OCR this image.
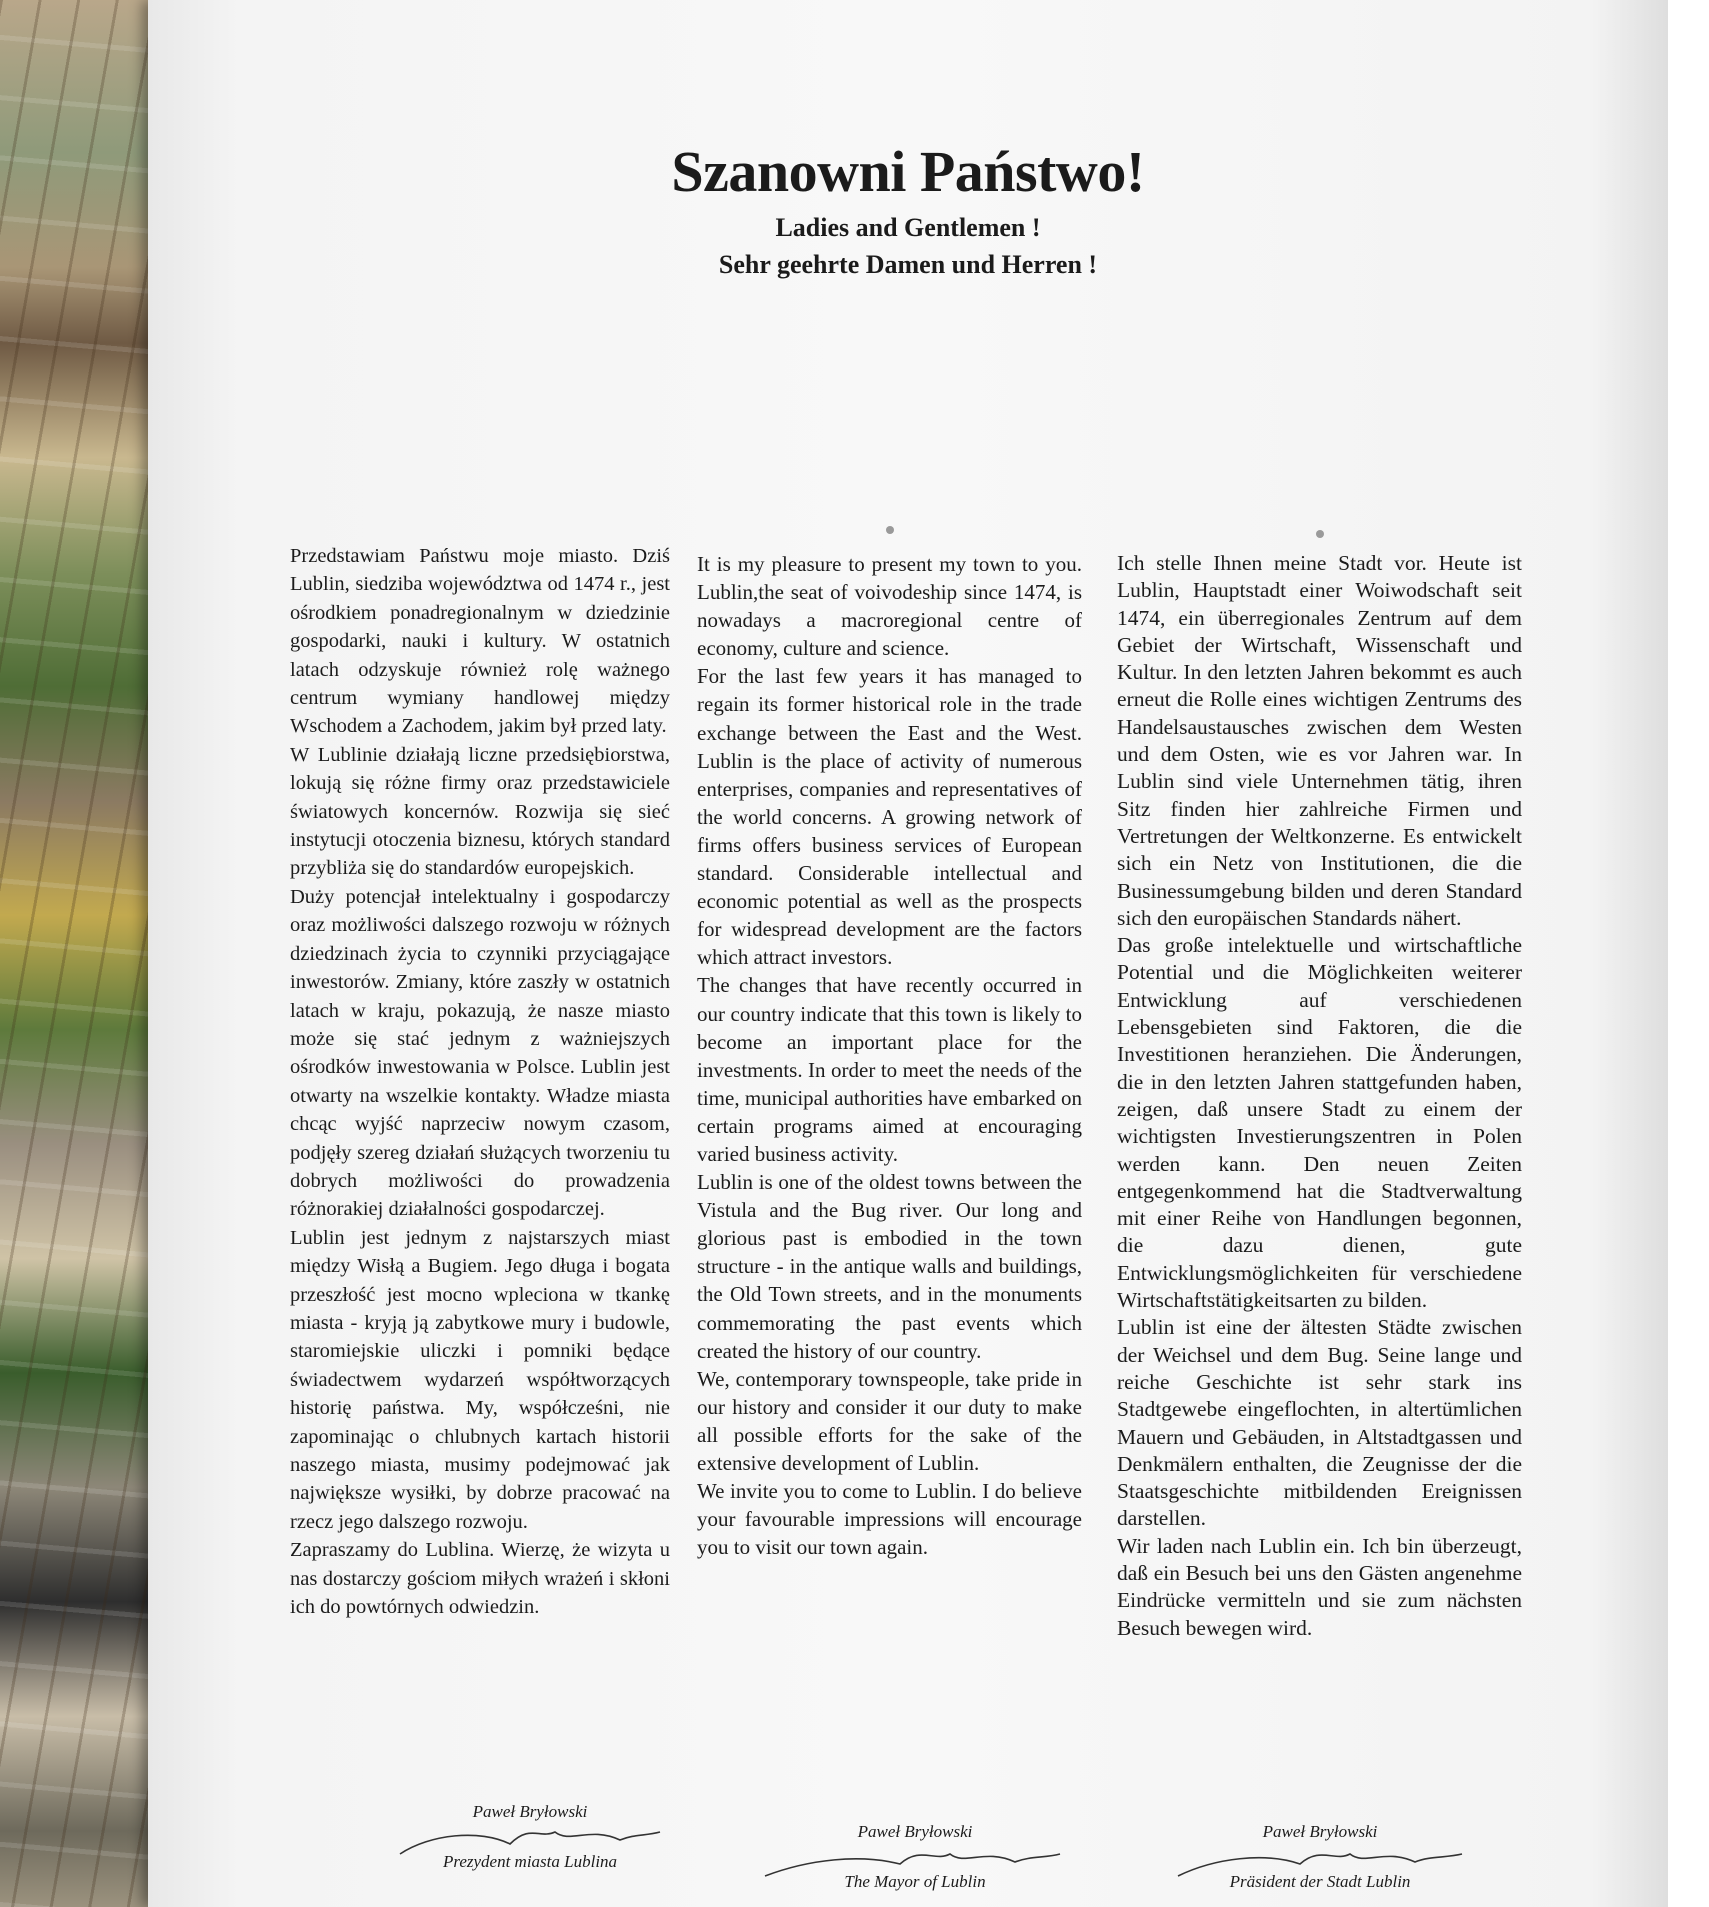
Szanowni Państwo!
Ladies and Gentlemen !
Sehr geehrte Damen und Herren !

Przedstawiam Państwu moje miasto. Dziś Lublin, siedziba województwa od 1474 r., jest ośrodkiem ponadregionalnym w dziedzinie gospodarki, nauki i kultury. W ostatnich latach odzyskuje również rolę ważnego centrum wymiany handlowej między Wschodem a Zachodem, jakim był przed laty.

W Lublinie działają liczne przedsiębiorstwa, lokują się różne firmy oraz przedstawiciele światowych koncernów. Rozwija się sieć instytucji otoczenia biznesu, których standard przybliża się do standardów europejskich.

Duży potencjał intelektualny i gospodarczy oraz możliwości dalszego rozwoju w różnych dziedzinach życia to czynniki przyciągające inwestorów. Zmiany, które zaszły w ostatnich latach w kraju, pokazują, że nasze miasto może się stać jednym z ważniejszych ośrodków inwestowania w Polsce. Lublin jest otwarty na wszelkie kontakty. Władze miasta chcąc wyjść naprzeciw nowym czasom, podjęły szereg działań służących tworzeniu tu dobrych możliwości do prowadzenia różnorakiej działalności gospodarczej.

Lublin jest jednym z najstarszych miast między Wisłą a Bugiem. Jego długa i bogata przeszłość jest mocno wpleciona w tkankę miasta - kryją ją zabytkowe mury i budowle, staromiejskie uliczki i pomniki będące świadectwem wydarzeń współtworzących historię państwa. My, współcześni, nie zapominając o chlubnych kartach historii naszego miasta, musimy podejmować jak największe wysiłki, by dobrze pracować na rzecz jego dalszego rozwoju.

Zapraszamy do Lublina. Wierzę, że wizyta u nas dostarczy gościom miłych wrażeń i skłoni ich do powtórnych odwiedzin.

It is my pleasure to present my town to you. Lublin,the seat of voivodeship since 1474, is nowadays a macroregional centre of economy, culture and science.

For the last few years it has managed to regain its former historical role in the trade exchange between the East and the West. Lublin is the place of activity of numerous enterprises, companies and representatives of the world concerns. A growing network of firms offers business services of European standard. Considerable intellectual and economic potential as well as the prospects for widespread development are the factors which attract investors.

The changes that have recently occurred in our country indicate that this town is likely to become an important place for the investments. In order to meet the needs of the time, municipal authorities have embarked on certain programs aimed at encouraging varied business activity.

Lublin is one of the oldest towns between the Vistula and the Bug river. Our long and glorious past is embodied in the town structure - in the antique walls and buildings, the Old Town streets, and in the monuments commemorating the past events which created the history of our country.

We, contemporary townspeople, take pride in our history and consider it our duty to make all possible efforts for the sake of the extensive development of Lublin.

We invite you to come to Lublin. I do believe your favourable impressions will encourage you to visit our town again.

Ich stelle Ihnen meine Stadt vor. Heute ist Lublin, Hauptstadt einer Woiwodschaft seit 1474, ein überregionales Zentrum auf dem Gebiet der Wirtschaft, Wissenschaft und Kultur. In den letzten Jahren bekommt es auch erneut die Rolle eines wichtigen Zentrums des Handelsaustausches zwischen dem Westen und dem Osten, wie es vor Jahren war. In Lublin sind viele Unternehmen tätig, ihren Sitz finden hier zahlreiche Firmen und Vertretungen der Weltkonzerne. Es entwickelt sich ein Netz von Institutionen, die die Businessumgebung bilden und deren Standard sich den europäischen Standards nähert.

Das große intelektuelle und wirtschaftliche Potential und die Möglichkeiten weiterer Entwicklung auf verschiedenen Lebensgebieten sind Faktoren, die die Investitionen heranziehen. Die Änderungen, die in den letzten Jahren stattgefunden haben, zeigen, daß unsere Stadt zu einem der wichtigsten Investierungszentren in Polen werden kann. Den neuen Zeiten entgegenkommend hat die Stadtverwaltung mit einer Reihe von Handlungen begonnen, die dazu dienen, gute Entwicklungsmöglichkeiten für verschiedene Wirtschaftstätigkeitsarten zu bilden.

Lublin ist eine der ältesten Städte zwischen der Weichsel und dem Bug. Seine lange und reiche Geschichte ist sehr stark ins Stadtgewebe eingeflochten, in altertümlichen Mauern und Gebäuden, in Altstadtgassen und Denkmälern enthalten, die Zeugnisse der die Staatsgeschichte mitbildenden Ereignissen darstellen.

Wir laden nach Lublin ein. Ich bin überzeugt, daß ein Besuch bei uns den Gästen angenehme Eindrücke vermitteln und sie zum nächsten Besuch bewegen wird.

Paweł Bryłowski
Prezydent miasta Lublina
Paweł Bryłowski
The Mayor of Lublin
Paweł Bryłowski
Präsident der Stadt Lublin
